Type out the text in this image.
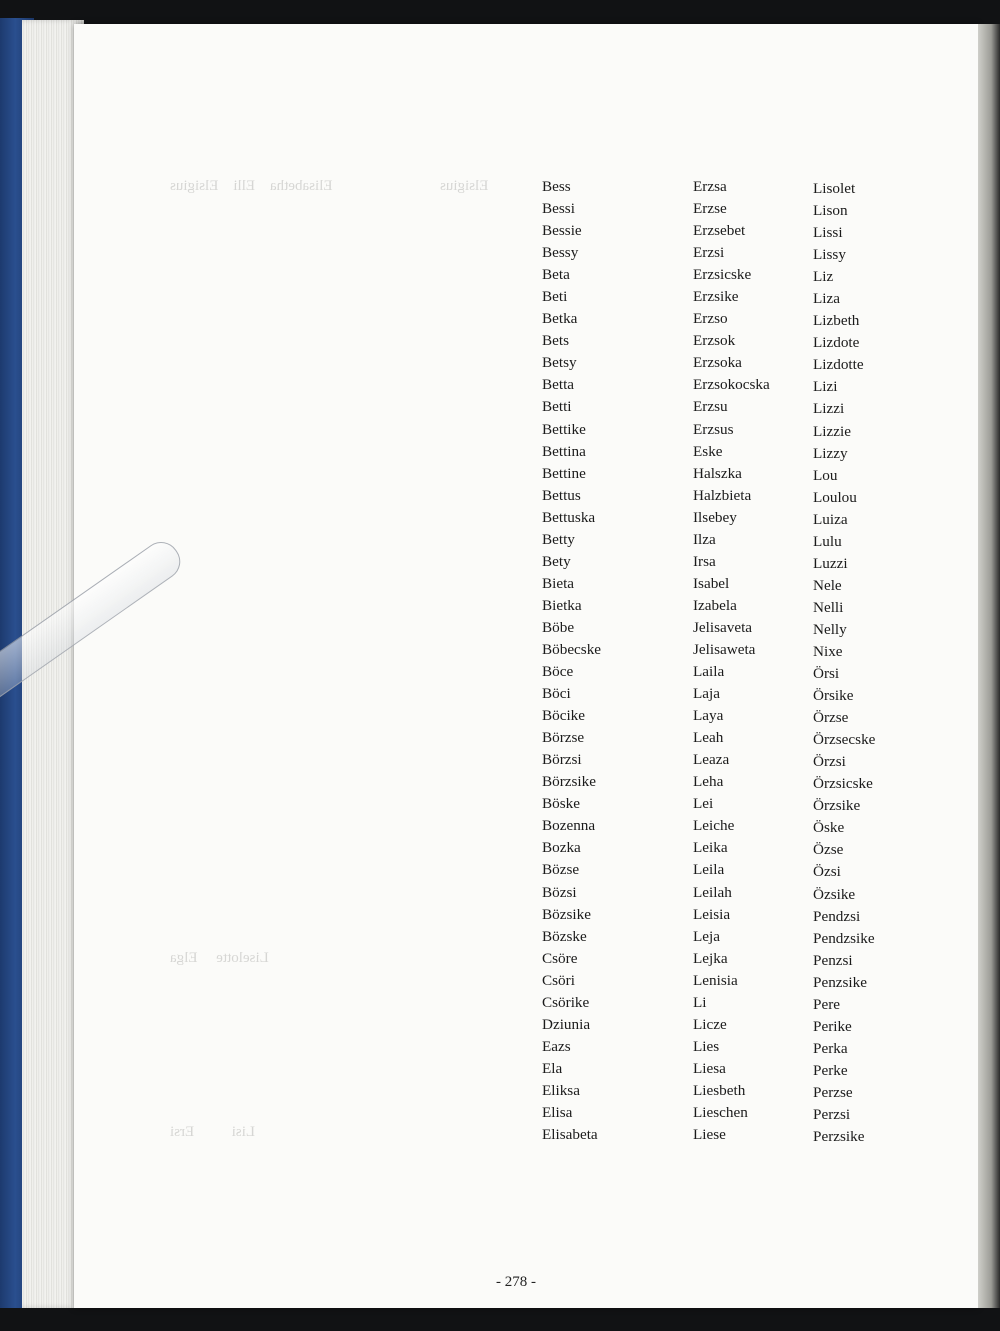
Elisabetha    Elli    Elsigius	Elsigius
Liselotte     Elga
Lisi          Ersi
Bess
Bessi
Bessie
Bessy
Beta
Beti
Betka
Bets
Betsy
Betta
Betti
Bettike
Bettina
Bettine
Bettus
Bettuska
Betty
Bety
Bieta
Bietka
Böbe
Böbecske
Böce
Böci
Böcike
Börzse
Börzsi
Börzsike
Böske
Bozenna
Bozka
Bözse
Bözsi
Bözsike
Bözske
Csöre
Csöri
Csörike
Dziunia
Eazs
Ela
Eliksa
Elisa
Elisabeta
Erzsa
Erzse
Erzsebet
Erzsi
Erzsicske
Erzsike
Erzso
Erzsok
Erzsoka
Erzsokocska
Erzsu
Erzsus
Eske
Halszka
Halzbieta
Ilsebey
Ilza
Irsa
Isabel
Izabela
Jelisaveta
Jelisaweta
Laila
Laja
Laya
Leah
Leaza
Leha
Lei
Leiche
Leika
Leila
Leilah
Leisia
Leja
Lejka
Lenisia
Li
Licze
Lies
Liesa
Liesbeth
Lieschen
Liese
Lisolet
Lison
Lissi
Lissy
Liz
Liza
Lizbeth
Lizdote
Lizdotte
Lizi
Lizzi
Lizzie
Lizzy
Lou
Loulou
Luiza
Lulu
Luzzi
Nele
Nelli
Nelly
Nixe
Örsi
Örsike
Örzse
Örzsecske
Örzsi
Örzsicske
Örzsike
Öske
Özse
Özsi
Özsike
Pendzsi
Pendzsike
Penzsi
Penzsike
Pere
Perike
Perka
Perke
Perzse
Perzsi
Perzsike
- 278 -
